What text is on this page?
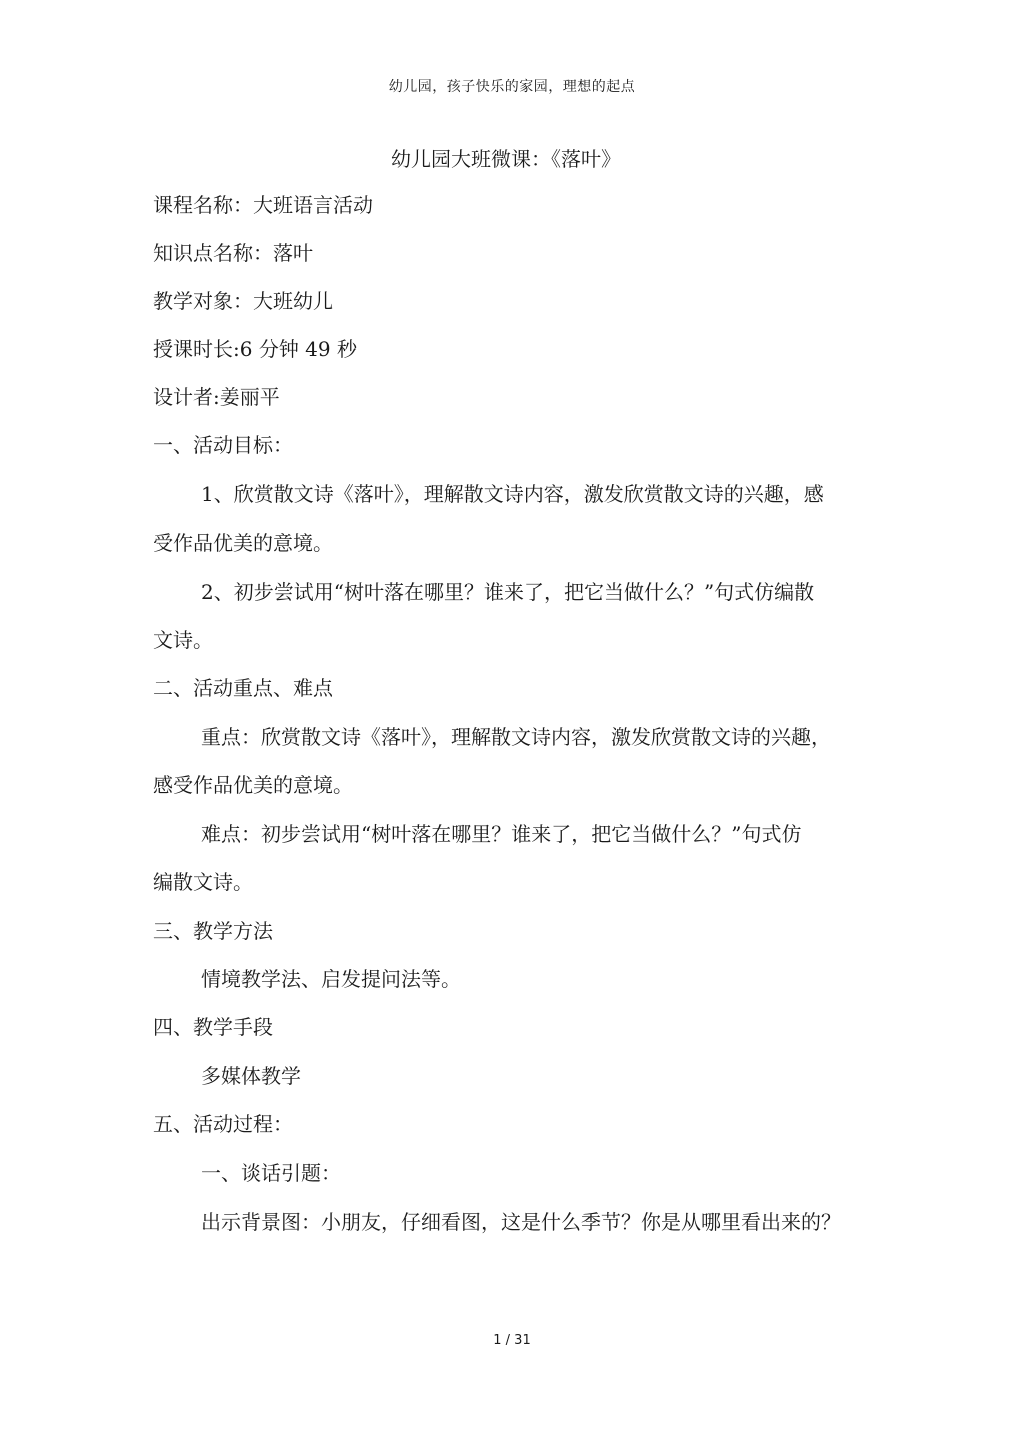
幼儿园，孩子快乐的家园，理想的起点
幼儿园大班微课：《落叶》
课程名称：大班语言活动
知识点名称：落叶
教学对象：大班幼儿
授课时长:6 分钟 49 秒
设计者:姜丽平
一、活动目标：
1、欣赏散文诗《落叶》，理解散文诗内容，激发欣赏散文诗的兴趣，感
受作品优美的意境。
2、初步尝试用“树叶落在哪里？谁来了，把它当做什么？”句式仿编散
文诗。
二、活动重点、难点
重点：欣赏散文诗《落叶》，理解散文诗内容，激发欣赏散文诗的兴趣，
感受作品优美的意境。
难点：初步尝试用“树叶落在哪里？谁来了，把它当做什么？”句式仿
编散文诗。
三、教学方法
情境教学法、启发提问法等。
四、教学手段
多媒体教学
五、活动过程：
一、谈话引题：
出示背景图：小朋友，仔细看图，这是什么季节？你是从哪里看出来的？
1 / 31
